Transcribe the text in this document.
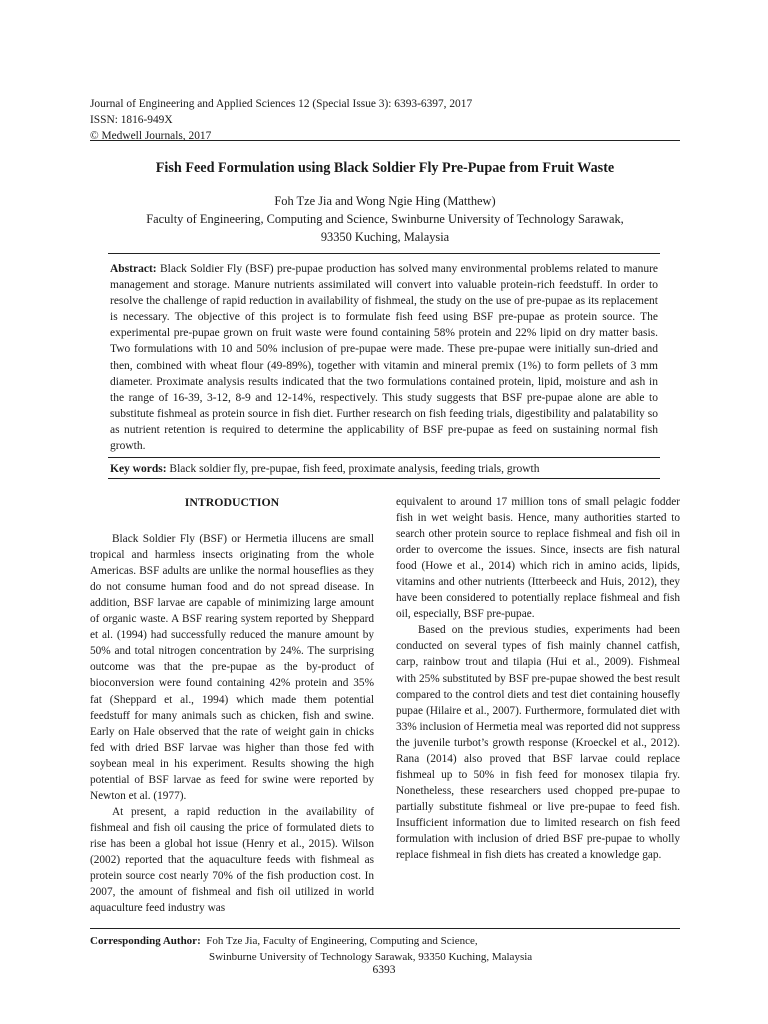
Journal of Engineering and Applied Sciences 12 (Special Issue 3): 6393-6397, 2017
ISSN: 1816-949X
© Medwell Journals, 2017
Fish Feed Formulation using Black Soldier Fly Pre-Pupae from Fruit Waste
Foh Tze Jia and Wong Ngie Hing (Matthew)
Faculty of Engineering, Computing and Science, Swinburne University of Technology Sarawak,
93350 Kuching, Malaysia
Abstract: Black Soldier Fly (BSF) pre-pupae production has solved many environmental problems related to manure management and storage. Manure nutrients assimilated will convert into valuable protein-rich feedstuff. In order to resolve the challenge of rapid reduction in availability of fishmeal, the study on the use of pre-pupae as its replacement is necessary. The objective of this project is to formulate fish feed using BSF pre-pupae as protein source. The experimental pre-pupae grown on fruit waste were found containing 58% protein and 22% lipid on dry matter basis. Two formulations with 10 and 50% inclusion of pre-pupae were made. These pre-pupae were initially sun-dried and then, combined with wheat flour (49-89%), together with vitamin and mineral premix (1%) to form pellets of 3 mm diameter. Proximate analysis results indicated that the two formulations contained protein, lipid, moisture and ash in the range of 16-39, 3-12, 8-9 and 12-14%, respectively. This study suggests that BSF pre-pupae alone are able to substitute fishmeal as protein source in fish diet. Further research on fish feeding trials, digestibility and palatability so as nutrient retention is required to determine the applicability of BSF pre-pupae as feed on sustaining normal fish growth.
Key words: Black soldier fly, pre-pupae, fish feed, proximate analysis, feeding trials, growth
INTRODUCTION

Black Soldier Fly (BSF) or Hermetia illucens are small tropical and harmless insects originating from the whole Americas. BSF adults are unlike the normal houseflies as they do not consume human food and do not spread disease. In addition, BSF larvae are capable of minimizing large amount of organic waste. A BSF rearing system reported by Sheppard et al. (1994) had successfully reduced the manure amount by 50% and total nitrogen concentration by 24%. The surprising outcome was that the pre-pupae as the by-product of bioconversion were found containing 42% protein and 35% fat (Sheppard et al., 1994) which made them potential feedstuff for many animals such as chicken, fish and swine. Early on Hale observed that the rate of weight gain in chicks fed with dried BSF larvae was higher than those fed with soybean meal in his experiment. Results showing the high potential of BSF larvae as feed for swine were reported by Newton et al. (1977).

At present, a rapid reduction in the availability of fishmeal and fish oil causing the price of formulated diets to rise has been a global hot issue (Henry et al., 2015). Wilson (2002) reported that the aquaculture feeds with fishmeal as protein source cost nearly 70% of the fish production cost. In 2007, the amount of fishmeal and fish oil utilized in world aquaculture feed industry was

equivalent to around 17 million tons of small pelagic fodder fish in wet weight basis. Hence, many authorities started to search other protein source to replace fishmeal and fish oil in order to overcome the issues. Since, insects are fish natural food (Howe et al., 2014) which rich in amino acids, lipids, vitamins and other nutrients (Itterbeeck and Huis, 2012), they have been considered to potentially replace fishmeal and fish oil, especially, BSF pre-pupae.

Based on the previous studies, experiments had been conducted on several types of fish mainly channel catfish, carp, rainbow trout and tilapia (Hui et al., 2009). Fishmeal with 25% substituted by BSF pre-pupae showed the best result compared to the control diets and test diet containing housefly pupae (Hilaire et al., 2007). Furthermore, formulated diet with 33% inclusion of Hermetia meal was reported did not suppress the juvenile turbot’s growth response (Kroeckel et al., 2012). Rana (2014) also proved that BSF larvae could replace fishmeal up to 50% in fish feed for monosex tilapia fry. Nonetheless, these researchers used chopped pre-pupae to partially substitute fishmeal or live pre-pupae to feed fish. Insufficient information due to limited research on fish feed formulation with inclusion of dried BSF pre-pupae to wholly replace fishmeal in fish diets has created a knowledge gap.

Corresponding Author: Foh Tze Jia, Faculty of Engineering, Computing and Science,
Swinburne University of Technology Sarawak, 93350 Kuching, Malaysia
6393
